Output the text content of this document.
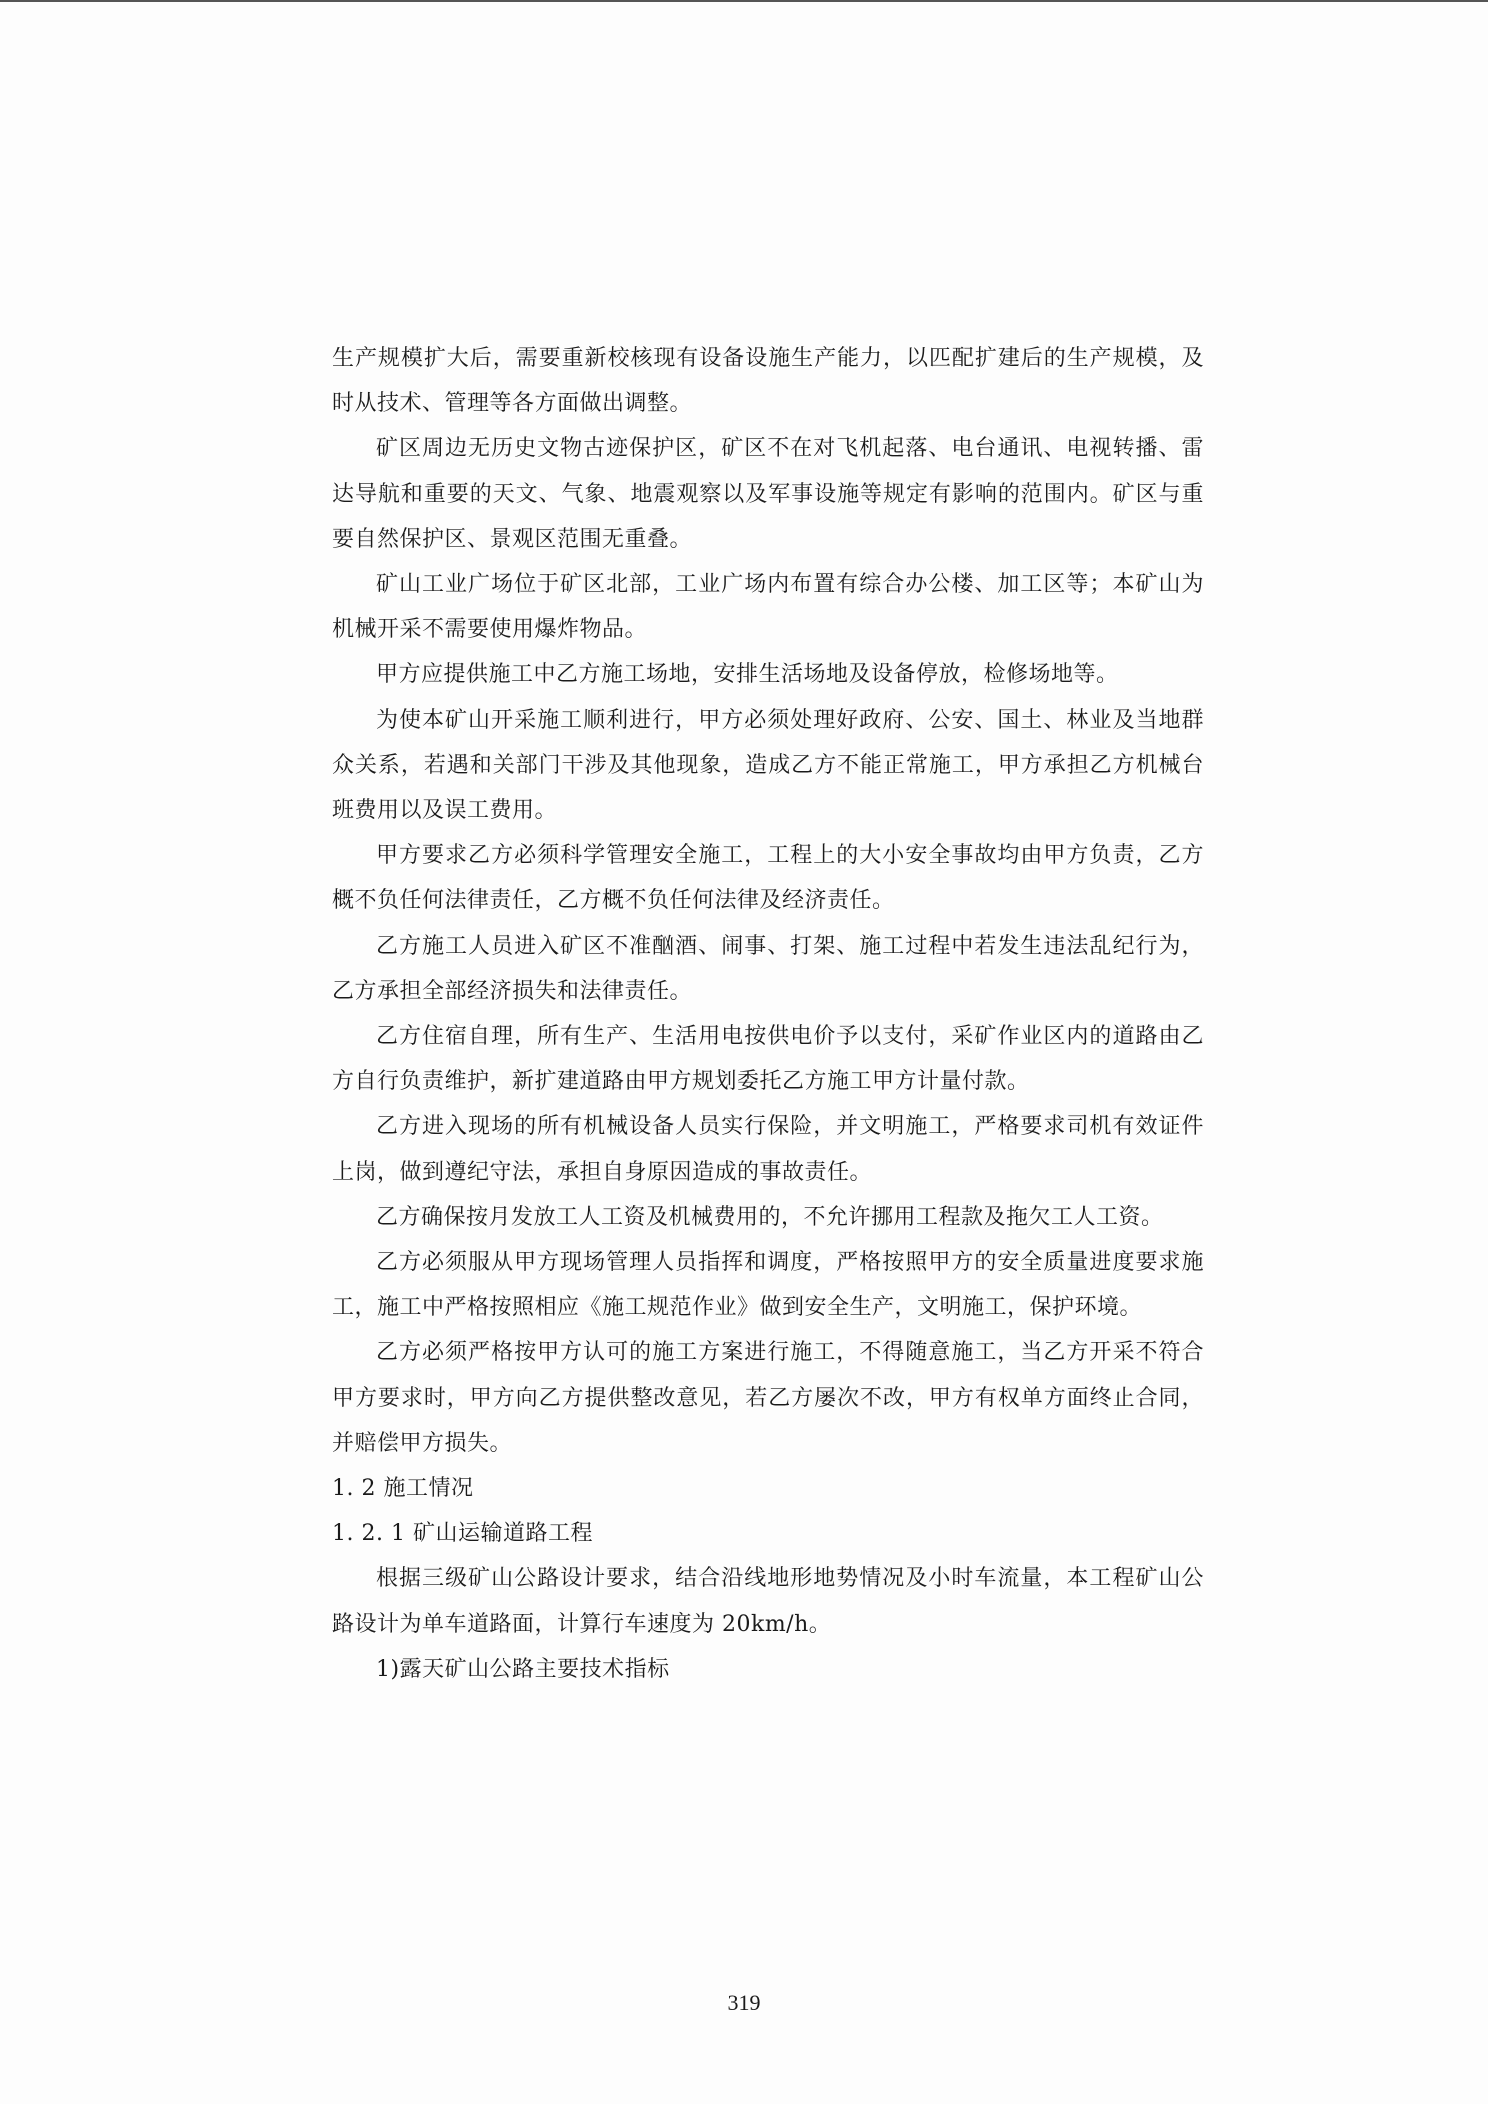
生产规模扩大后，需要重新校核现有设备设施生产能力，以匹配扩建后的生产规模，及时从技术、管理等各方面做出调整。

矿区周边无历史文物古迹保护区，矿区不在对飞机起落、电台通讯、电视转播、雷达导航和重要的天文、气象、地震观察以及军事设施等规定有影响的范围内。矿区与重要自然保护区、景观区范围无重叠。

矿山工业广场位于矿区北部，工业广场内布置有综合办公楼、加工区等；本矿山为机械开采不需要使用爆炸物品。

甲方应提供施工中乙方施工场地，安排生活场地及设备停放，检修场地等。

为使本矿山开采施工顺利进行，甲方必须处理好政府、公安、国土、林业及当地群众关系，若遇和关部门干涉及其他现象，造成乙方不能正常施工，甲方承担乙方机械台班费用以及误工费用。

甲方要求乙方必须科学管理安全施工，工程上的大小安全事故均由甲方负责，乙方概不负任何法律责任，乙方概不负任何法律及经济责任。

乙方施工人员进入矿区不准酗酒、闹事、打架、施工过程中若发生违法乱纪行为，乙方承担全部经济损失和法律责任。

乙方住宿自理，所有生产、生活用电按供电价予以支付，采矿作业区内的道路由乙方自行负责维护，新扩建道路由甲方规划委托乙方施工甲方计量付款。

乙方进入现场的所有机械设备人员实行保险，并文明施工，严格要求司机有效证件上岗，做到遵纪守法，承担自身原因造成的事故责任。

乙方确保按月发放工人工资及机械费用的，不允许挪用工程款及拖欠工人工资。

乙方必须服从甲方现场管理人员指挥和调度，严格按照甲方的安全质量进度要求施工，施工中严格按照相应《施工规范作业》做到安全生产，文明施工，保护环境。

乙方必须严格按甲方认可的施工方案进行施工，不得随意施工，当乙方开采不符合甲方要求时，甲方向乙方提供整改意见，若乙方屡次不改，甲方有权单方面终止合同，并赔偿甲方损失。

1. 2 施工情况

1. 2. 1 矿山运输道路工程

根据三级矿山公路设计要求，结合沿线地形地势情况及小时车流量，本工程矿山公路设计为单车道路面，计算行车速度为 20km/h。

1)露天矿山公路主要技术指标

319
